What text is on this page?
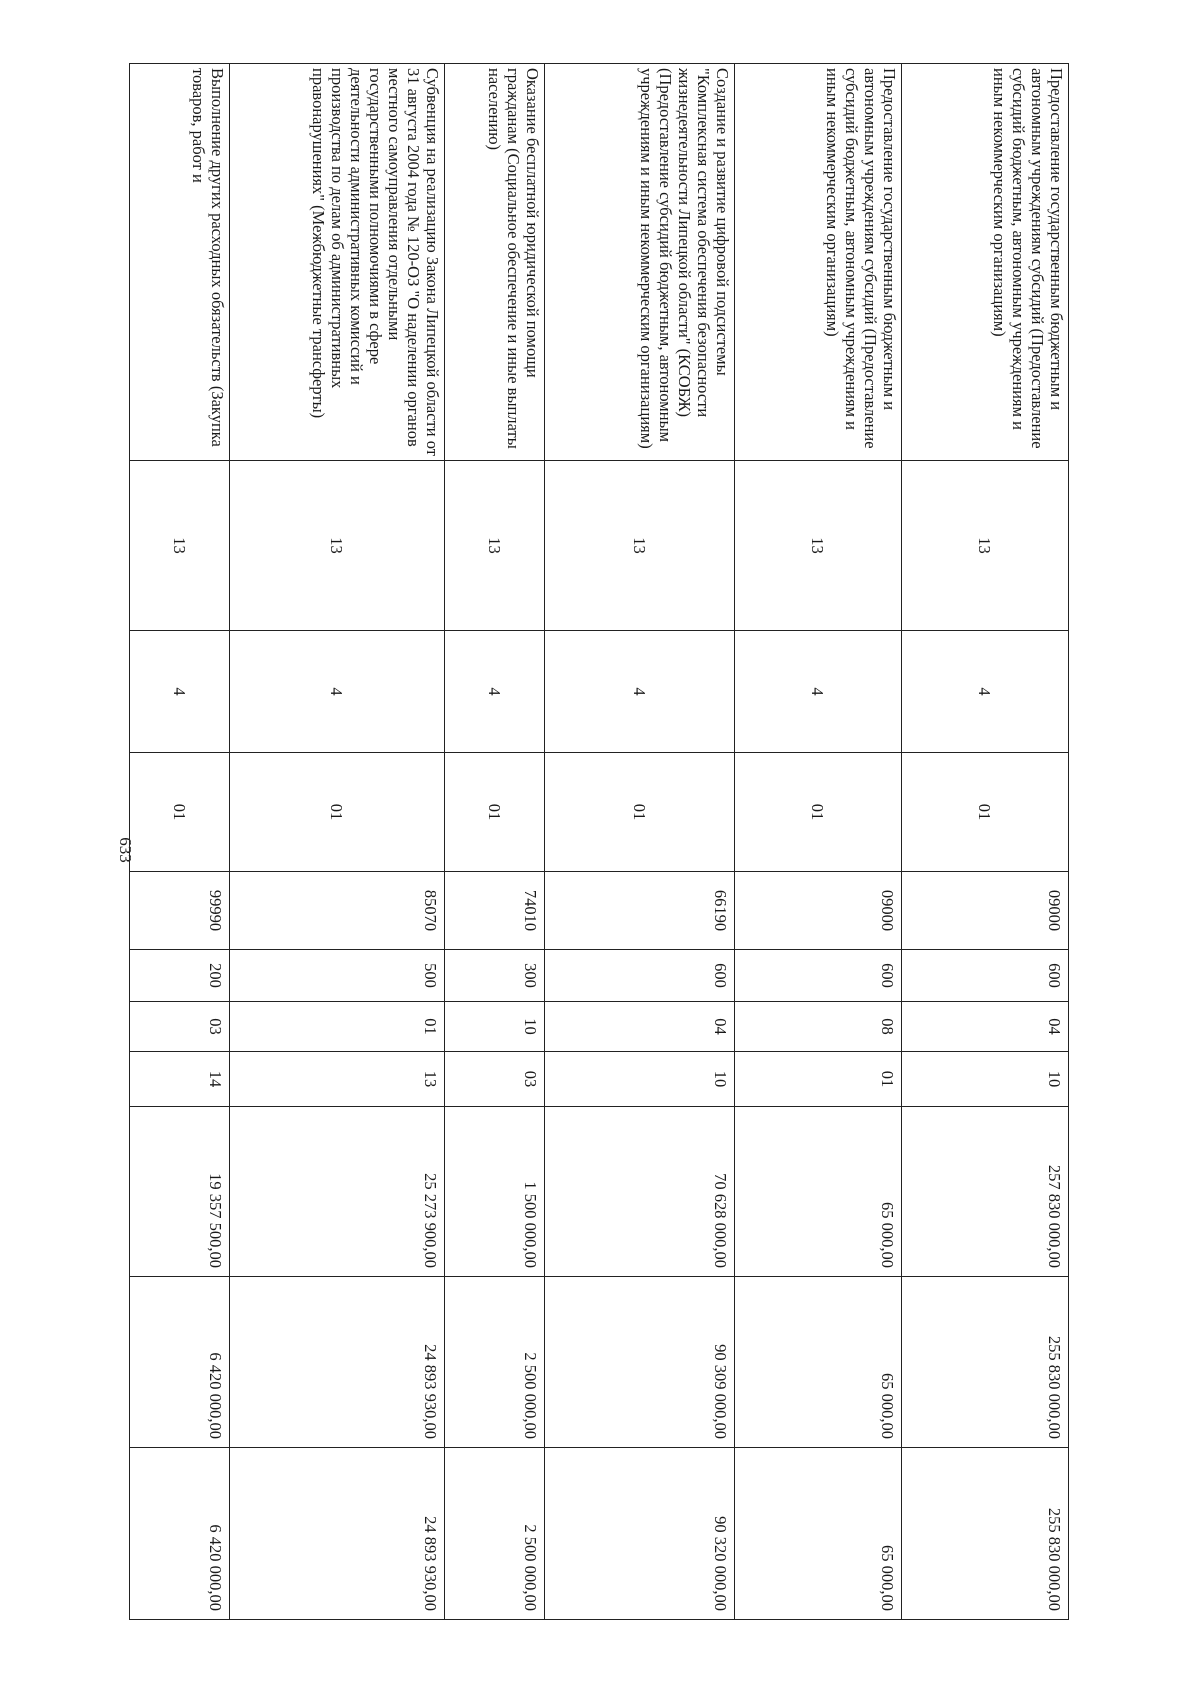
633
Предоставление государственным бюджетным и автономным учреждениям субсидий (Предоставление субсидий бюджетным, автономным учреждениям и иным некоммерческим организациям)	13	4	01	09000	600	04	10	257 830 000,00	255 830 000,00	255 830 000,00
Предоставление государственным бюджетным и автономным учреждениям субсидий (Предоставление субсидий бюджетным, автономным учреждениям и иным некоммерческим организациям)	13	4	01	09000	600	08	01	65 000,00	65 000,00	65 000,00
Создание и развитие цифровой подсистемы "Комплексная система обеспечения безопасности жизнедеятельности Липецкой области" (КСОБЖ) (Предоставление субсидий бюджетным, автономным учреждениям и иным некоммерческим организациям)	13	4	01	66190	600	04	10	70 628 000,00	90 309 000,00	90 320 000,00
Оказание бесплатной юридической помощи гражданам (Социальное обеспечение и иные выплаты населению)	13	4	01	74010	300	10	03	1 500 000,00	2 500 000,00	2 500 000,00
Субвенция на реализацию Закона Липецкой области от 31 августа 2004 года № 120-ОЗ "О наделении органов местного самоуправления отдельными государственными полномочиями в сфере деятельности административных комиссий и производства по делам об административных правонарушениях" (Межбюджетные трансферты)	13	4	01	85070	500	01	13	25 273 900,00	24 893 930,00	24 893 930,00
Выполнение других расходных обязательств (Закупка товаров, работ и	13	4	01	99990	200	03	14	19 357 500,00	6 420 000,00	6 420 000,00
